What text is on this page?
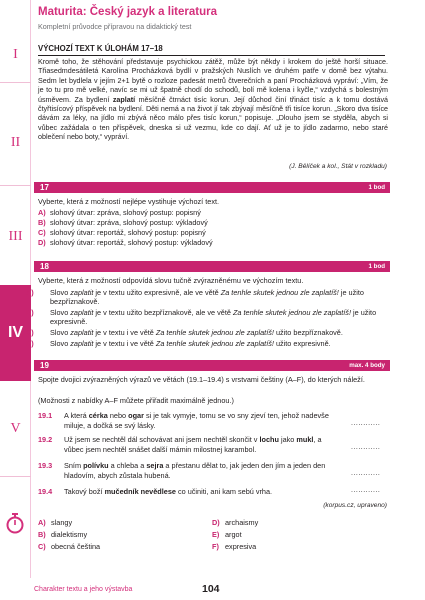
I
II
III
IV
V
Maturita: Český jazyk a literatura
Kompletní průvodce přípravou na didaktický test
VÝCHOZÍ TEXT K ÚLOHÁM 17–18
Kromě toho, že stěhování představuje psychickou zátěž, může být někdy i krokem do ještě horší situace. Třiasedmdesátiletá Karolína Procházková bydlí v pražských Nuslích ve druhém patře v domě bez výtahu. Sedm let bydlela v jejím 2+1 bytě o rozloze padesát metrů čtverečních a paní Procházková vypráví: „Vím, že je to tu pro mě velké, navíc se mi už špatně chodí do schodů, bolí mě kolena i kyčle,“ vzdychá s bolestným úsměvem. Za bydlení zaplatí měsíčně čtrnáct tisíc korun. Její důchod činí třináct tisíc a k tomu dostává čtyřtisícový příspěvek na bydlení. Děti nemá a na život jí tak zbývají měsíčně tři tisíce korun. „Skoro dva tisíce dávám za léky, na jídlo mi zbývá něco málo přes tisíc korun,“ popisuje. „Dlouho jsem se styděla, abych si vůbec zažádala o ten příspěvek, dneska si už vezmu, kde co dají. Ať už je to jídlo zadarmo, nebo staré oblečení nebo boty,“ vypráví.
(J. Bělíček a kol., Stát v rozkladu)
17	1 bod
Vyberte, která z možností nejlépe vystihuje výchozí text.
A) slohový útvar: zpráva, slohový postup: popisný
B) slohový útvar: zpráva, slohový postup: výkladový
C) slohový útvar: reportáž, slohový postup: popisný
D) slohový útvar: reportáž, slohový postup: výkladový
18	1 bod
Vyberte, která z možností odpovídá slovu tučně zvýrazněnému ve výchozím textu.
A) Slovo zaplatit je v textu užito expresivně, ale ve větě Za tenhle skutek jednou zle zaplatíš! je užito bezpříznakově.
B) Slovo zaplatit je v textu užito bezpříznakově, ale ve větě Za tenhle skutek jednou zle zaplatíš! je užito expresivně.
C) Slovo zaplatit je v textu i ve větě Za tenhle skutek jednou zle zaplatíš! užito bezpříznakově.
D) Slovo zaplatit je v textu i ve větě Za tenhle skutek jednou zle zaplatíš! užito expresivně.
19	max. 4 body
Spojte dvojici zvýrazněných výrazů ve větách (19.1–19.4) s vrstvami češtiny (A–F), do kterých náleží.
(Možnosti z nabídky A–F můžete přiřadit maximálně jednou.)
19.1 A která cérka nebo ogar si je tak vymyje, tomu se vo sny zjeví ten, jehož nadevše miluje, a dočká se svý lásky.	............
19.2 Už jsem se nechtěl dál schovávat ani jsem nechtěl skončit v lochu jako mukl, a vůbec jsem nechtěl snášet další mámin milostnej karambol.	............
19.3 Sním polívku a chleba a sejra a přestanu dělat to, jak jeden den jím a jeden den hladovím, abych zůstala hubená.	............
19.4 Takový boží mučedník nevědlese co učiniti, ani kam sebú vrha.	............
(korpus.cz, upraveno)
A) slangy
B) dialektismy
C) obecná čeština
D) archaismy
E) argot
F) expresiva
Charakter textu a jeho výstavba	104
